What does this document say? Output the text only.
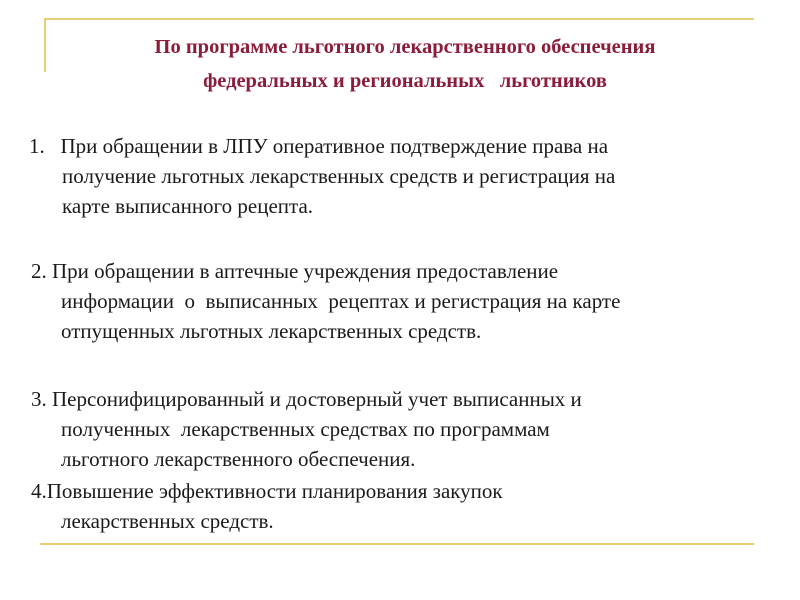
По программе льготного лекарственного обеспечения
федеральных и региональных   льготников

1.   При обращении в ЛПУ оперативное подтверждение права на
получение льготных лекарственных средств и регистрация на
карте выписанного рецепта.

2. При обращении в аптечные учреждения предоставление
информации  о  выписанных  рецептах и регистрация на карте
отпущенных льготных лекарственных средств.

3. Персонифицированный и достоверный учет выписанных и
полученных  лекарственных средствах по программам
льготного лекарственного обеспечения.

4.Повышение эффективности планирования закупок
лекарственных средств.
